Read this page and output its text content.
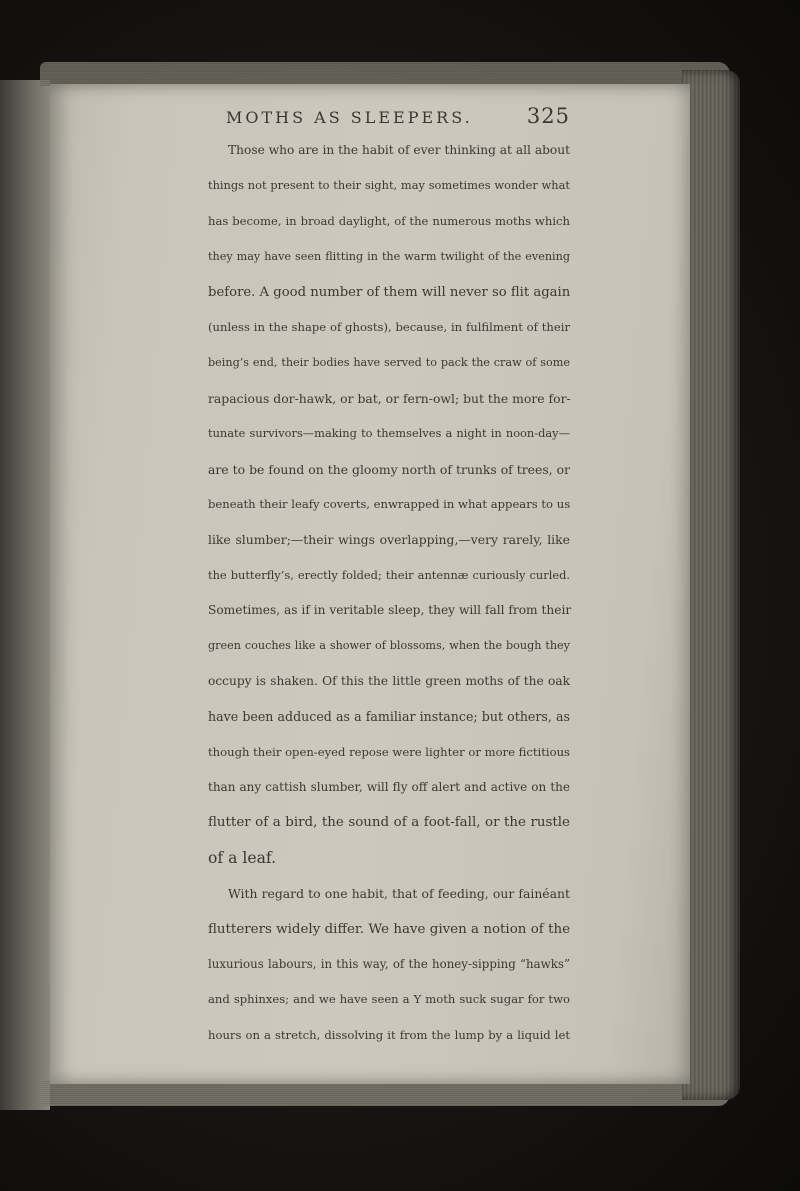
MOTHS AS SLEEPERS.	325
Those who are in the habit of ever thinking at all about
things not present to their sight, may sometimes wonder what
has become, in broad daylight, of the numerous moths which
they may have seen flitting in the warm twilight of the evening
before. A good number of them will never so flit again
(unless in the shape of ghosts), because, in fulfilment of their
being’s end, their bodies have served to pack the craw of some
rapacious dor-hawk, or bat, or fern-owl; but the more for-
tunate survivors—making to themselves a night in noon-day—
are to be found on the gloomy north of trunks of trees, or
beneath their leafy coverts, enwrapped in what appears to us
like slumber;—their wings overlapping,—very rarely, like
the butterfly’s, erectly folded; their antennæ curiously curled.
Sometimes, as if in veritable sleep, they will fall from their
green couches like a shower of blossoms, when the bough they
occupy is shaken. Of this the little green moths of the oak
have been adduced as a familiar instance; but others, as
though their open-eyed repose were lighter or more fictitious
than any cattish slumber, will fly off alert and active on the
flutter of a bird, the sound of a foot-fall, or the rustle
of a leaf.
With regard to one habit, that of feeding, our fainéant
flutterers widely differ. We have given a notion of the
luxurious labours, in this way, of the honey-sipping “hawks”
and sphinxes; and we have seen a Y moth suck sugar for two
hours on a stretch, dissolving it from the lump by a liquid let
